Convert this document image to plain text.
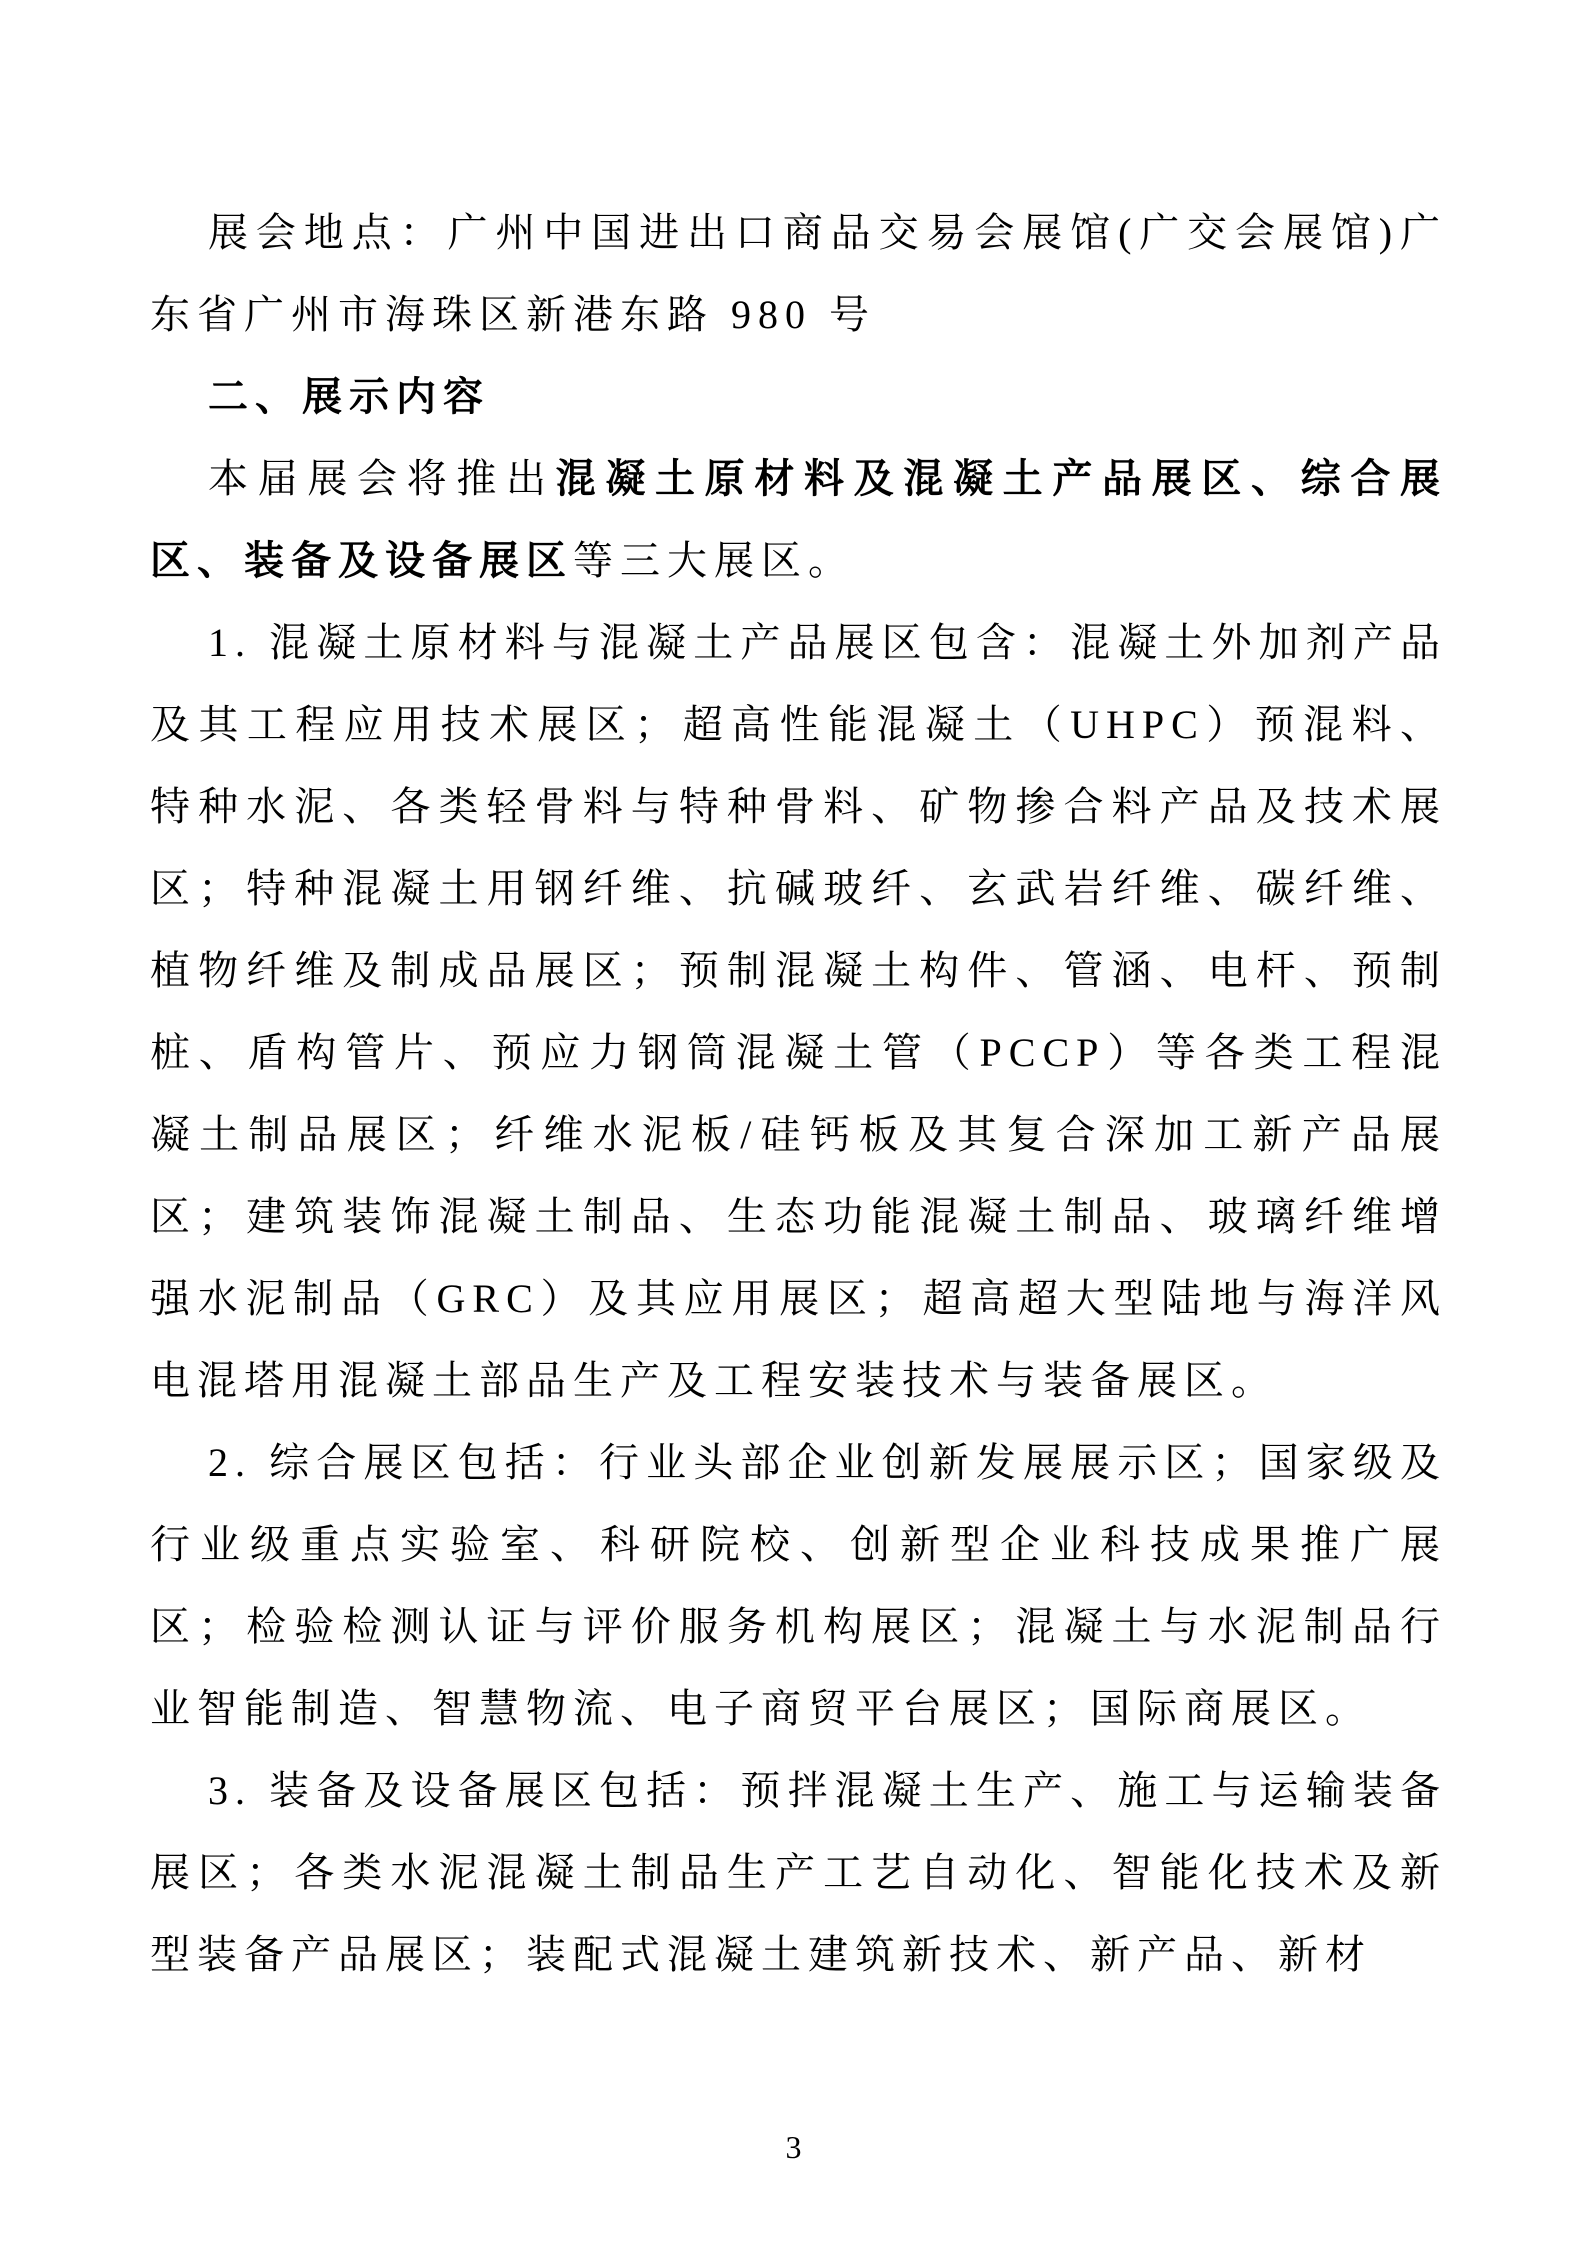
展会地点：广州中国进出口商品交易会展馆(广交会展馆)广东省广州市海珠区新港东路 980 号

二、展示内容

本届展会将推出混凝土原材料及混凝土产品展区、综合展区、装备及设备展区等三大展区。

1. 混凝土原材料与混凝土产品展区包含：混凝土外加剂产品及其工程应用技术展区；超高性能混凝土（UHPC）预混料、特种水泥、各类轻骨料与特种骨料、矿物掺合料产品及技术展区；特种混凝土用钢纤维、抗碱玻纤、玄武岩纤维、碳纤维、植物纤维及制成品展区；预制混凝土构件、管涵、电杆、预制桩、盾构管片、预应力钢筒混凝土管（PCCP）等各类工程混凝土制品展区；纤维水泥板/硅钙板及其复合深加工新产品展区；建筑装饰混凝土制品、生态功能混凝土制品、玻璃纤维增强水泥制品（GRC）及其应用展区；超高超大型陆地与海洋风电混塔用混凝土部品生产及工程安装技术与装备展区。

2. 综合展区包括：行业头部企业创新发展展示区；国家级及行业级重点实验室、科研院校、创新型企业科技成果推广展区；检验检测认证与评价服务机构展区；混凝土与水泥制品行业智能制造、智慧物流、电子商贸平台展区；国际商展区。

3. 装备及设备展区包括：预拌混凝土生产、施工与运输装备展区；各类水泥混凝土制品生产工艺自动化、智能化技术及新型装备产品展区；装配式混凝土建筑新技术、新产品、新材

3
